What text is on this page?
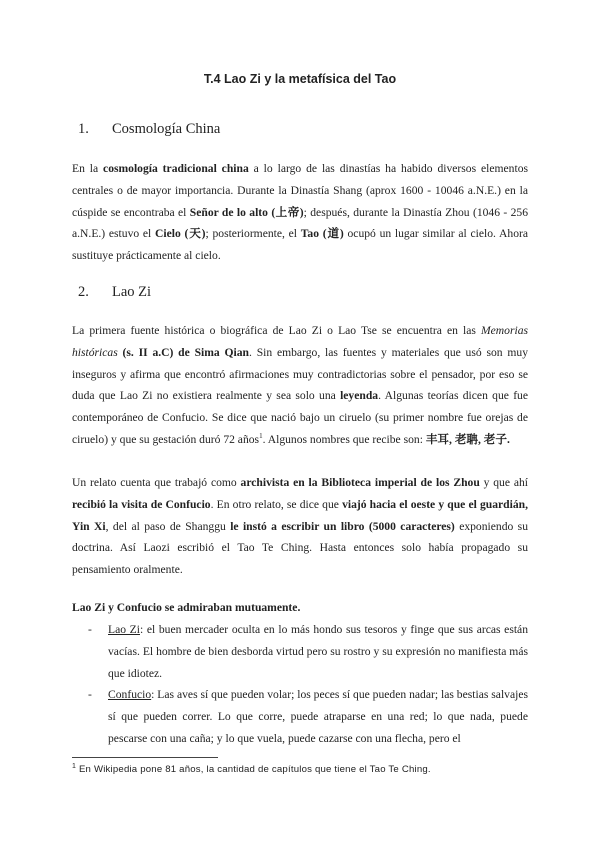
T.4 Lao Zi y la metafísica del Tao
1. Cosmología China

En la cosmología tradicional china a lo largo de las dinastías ha habido diversos elementos centrales o de mayor importancia. Durante la Dinastía Shang (aprox 1600 - 10046 a.N.E.) en la cúspide se encontraba el Señor de lo alto (上帝); después, durante la Dinastía Zhou (1046 - 256 a.N.E.) estuvo el Cielo (天); posteriormente, el Tao (道) ocupó un lugar similar al cielo. Ahora sustituye prácticamente al cielo.

2. Lao Zi

La primera fuente histórica o biográfica de Lao Zi o Lao Tse se encuentra en las Memorias históricas (s. II a.C) de Sima Qian. Sin embargo, las fuentes y materiales que usó son muy inseguros y afirma que encontró afirmaciones muy contradictorias sobre el pensador, por eso se duda que Lao Zi no existiera realmente y sea solo una leyenda. Algunas teorías dicen que fue contemporáneo de Confucio. Se dice que nació bajo un ciruelo (su primer nombre fue orejas de ciruelo) y que su gestación duró 72 años$^1$. Algunos nombres que recibe son: 丰耳, 老聃, 老子.

Un relato cuenta que trabajó como archivista en la Biblioteca imperial de los Zhou y que ahí recibió la visita de Confucio. En otro relato, se dice que viajó hacia el oeste y que el guardián, Yin Xi, del al paso de Shanggu le instó a escribir un libro (5000 caracteres) exponiendo su doctrina. Así Laozi escribió el Tao Te Ching. Hasta entonces solo había propagado su pensamiento oralmente.

Lao Zi y Confucio se admiraban mutuamente.

- Lao Zi: el buen mercader oculta en lo más hondo sus tesoros y finge que sus arcas están vacías. El hombre de bien desborda virtud pero su rostro y su expresión no manifiesta más que idiotez.
- Confucio: Las aves sí que pueden volar; los peces sí que pueden nadar; las bestias salvajes sí que pueden correr. Lo que corre, puede atraparse en una red; lo que nada, puede pescarse con una caña; y lo que vuela, puede cazarse con una flecha, pero el
$^1$ En Wikipedia pone 81 años, la cantidad de capítulos que tiene el Tao Te Ching.
